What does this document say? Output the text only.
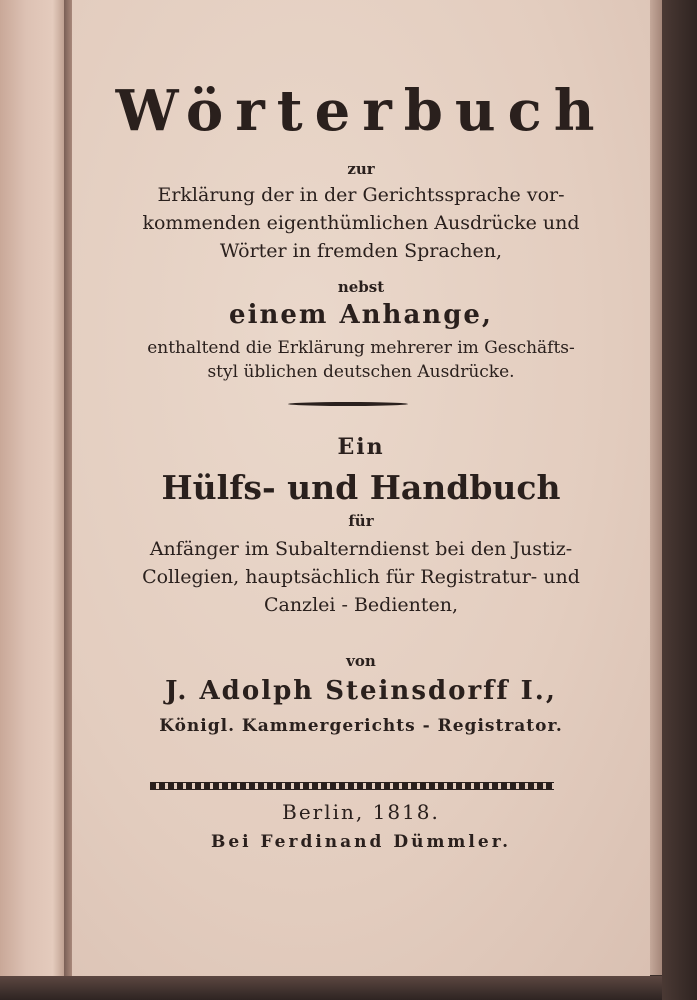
Wörterbuch
zur
Erklärung der in der Gerichtssprache vor-
kommenden eigenthümlichen Ausdrücke und
Wörter in fremden Sprachen,
nebst
einem Anhange,
enthaltend die Erklärung mehrerer im Geschäfts-
styl üblichen deutschen Ausdrücke.
Ein
Hülfs- und Handbuch
für
Anfänger im Subalterndienst bei den Justiz-
Collegien, hauptsächlich für Registratur- und
Canzlei - Bedienten,
von
J. Adolph Steinsdorff I.,
Königl. Kammergerichts - Registrator.
Berlin, 1818.
Bei Ferdinand Dümmler.
